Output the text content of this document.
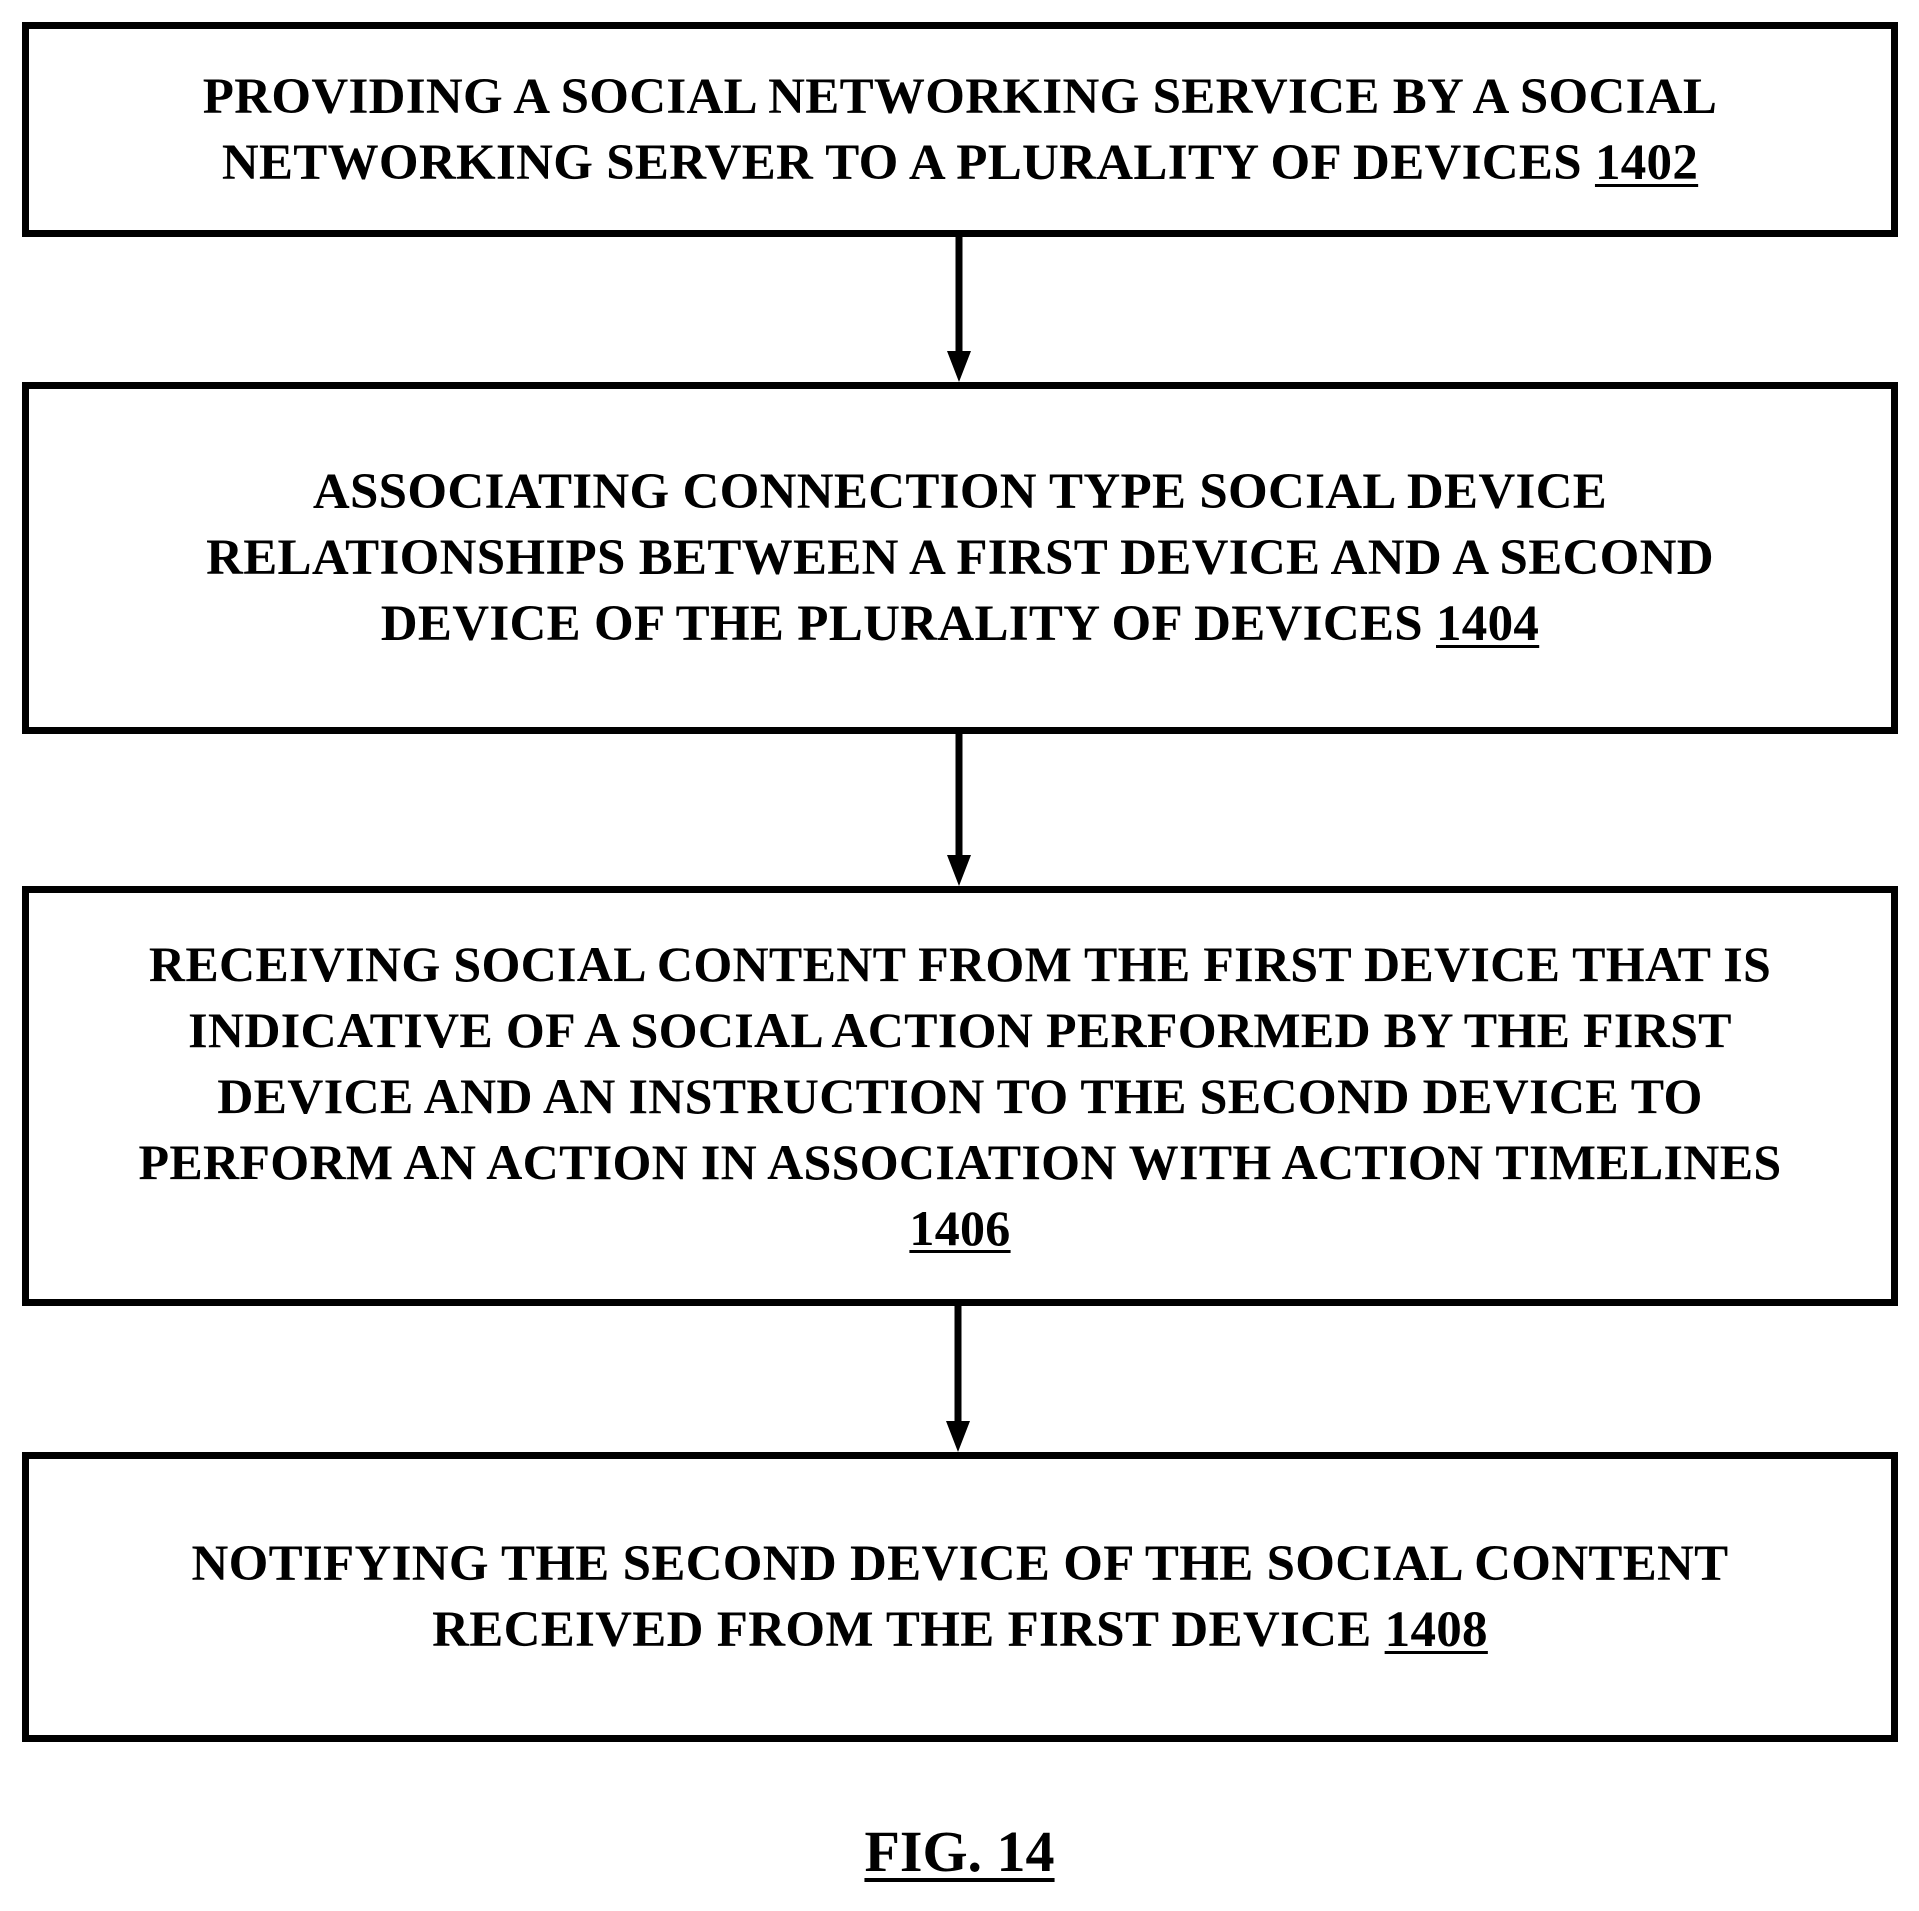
PROVIDING A SOCIAL NETWORKING SERVICE BY A SOCIAL
NETWORKING SERVER TO A PLURALITY OF DEVICES 1402
ASSOCIATING CONNECTION TYPE SOCIAL DEVICE
RELATIONSHIPS BETWEEN A FIRST DEVICE AND A SECOND
DEVICE OF THE PLURALITY OF DEVICES 1404
RECEIVING SOCIAL CONTENT FROM THE FIRST DEVICE THAT IS
INDICATIVE OF A SOCIAL ACTION PERFORMED BY THE FIRST
DEVICE AND AN INSTRUCTION TO THE SECOND DEVICE TO
PERFORM AN ACTION IN ASSOCIATION WITH ACTION TIMELINES
1406
NOTIFYING THE SECOND DEVICE OF THE SOCIAL CONTENT
RECEIVED FROM THE FIRST DEVICE 1408
FIG. 14
